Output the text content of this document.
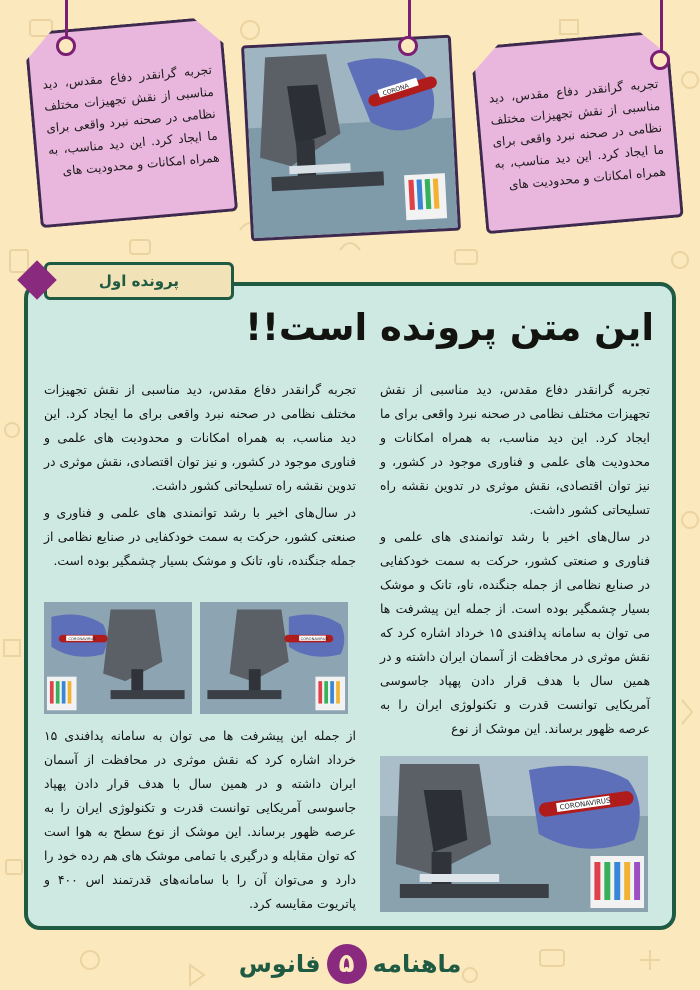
تجربه گرانقدر دفاع مقدس، دید مناسبی از نقش تجهیزات مختلف نظامی در صحنه نبرد واقعی برای ما ایجاد کرد. این دید مناسب، به همراه امکانات و محدودیت های
تجربه گرانقدر دفاع مقدس، دید مناسبی از نقش تجهیزات مختلف نظامی در صحنه نبرد واقعی برای ما ایجاد کرد. این دید مناسب، به همراه امکانات و محدودیت های
CORONA
پرونده اول
این متن پرونده است!!

تجربه گرانقدر دفاع مقدس، دید مناسبی از نقش تجهیزات مختلف نظامی در صحنه نبرد واقعی برای ما ایجاد کرد. این دید مناسب، به همراه امکانات و محدودیت های علمی و فناوری موجود در کشور، و نیز توان اقتصادی، نقش موثری در تدوین نقشه راه تسلیحاتی کشور داشت.

در سال‌های اخیر با رشد توانمندی های علمی و فناوری و صنعتی کشور، حرکت به سمت خودکفایی در صنایع نظامی از جمله جنگنده، ناو، تانک و موشک بسیار چشمگیر بوده است. از جمله این پیشرفت ها می توان به سامانه پدافندی ۱۵ خرداد اشاره کرد که نقش موثری در محافظت از آسمان ایران داشته و در همین سال با هدف قرار دادن پهپاد جاسوسی آمریکایی توانست قدرت و تکنولوژی ایران را به عرصه ظهور برساند. این موشک از نوع

تجربه گرانقدر دفاع مقدس، دید مناسبی از نقش تجهیزات مختلف نظامی در صحنه نبرد واقعی برای ما ایجاد کرد. این دید مناسب، به همراه امکانات و محدودیت های علمی و فناوری موجود در کشور، و نیز توان اقتصادی، نقش موثری در تدوین نقشه راه تسلیحاتی کشور داشت.

در سال‌های اخیر با رشد توانمندی های علمی و فناوری و صنعتی کشور، حرکت به سمت خودکفایی در صنایع نظامی از جمله جنگنده، ناو، تانک و موشک بسیار چشمگیر بوده است.

از جمله این پیشرفت ها می توان به سامانه پدافندی ۱۵ خرداد اشاره کرد که نقش موثری در محافظت از آسمان ایران داشته و در همین سال با هدف قرار دادن پهپاد جاسوسی آمریکایی توانست قدرت و تکنولوژی ایران را به عرصه ظهور برساند. این موشک از نوع سطح به هوا است که توان مقابله و درگیری با تمامی موشک های هم رده خود را دارد و می‌توان آن را با سامانه‌های قدرتمند اس ۴۰۰ و پاتریوت مقایسه کرد.

CORONAVIRUS	CORONAVIRUS
CORONAVIRUS
ماهنامه
۵
فانوس
